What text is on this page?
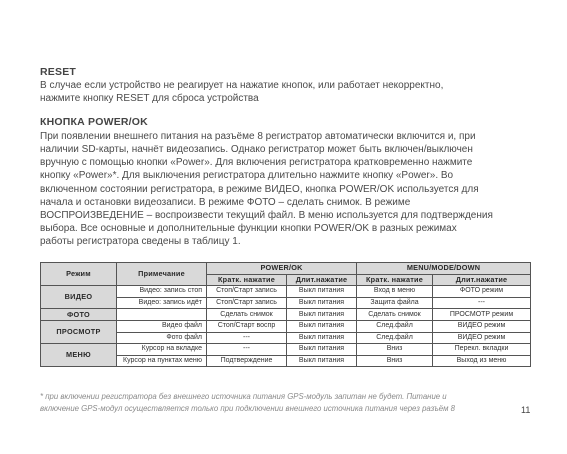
RESET

В случае если устройство не реагирует на нажатие кнопок, или работает некорректно,
нажмите кнопку RESET для сброса устройства

КНОПКА POWER/OK

При появлении внешнего питания на разъёме 8 регистратор автоматически включится и, при
наличии SD-карты, начнёт видеозапись. Однако регистратор может быть включен/выключен
вручную с помощью кнопки «Power». Для включения регистратора кратковременно нажмите
кнопку «Power»*. Для выключения регистратора длительно нажмите кнопку «Power». Во
включенном состоянии регистратора, в режиме ВИДЕО, кнопка POWER/OK используется для
начала и остановки видеозаписи. В режиме ФОТО – сделать снимок. В режиме
ВОСПРОИЗВЕДЕНИЕ – воспроизвести текущий файл. В меню используется для подтверждения
выбора. Все основные и дополнительные функции кнопки POWER/OK в разных режимах
работы регистратора сведены в таблицу 1.

Режим	Примечание	POWER/OK		MENU/MODE/DOWN	
		Кратк. нажатие	Длит.нажатие	Кратк. нажатие	Длит.нажатие
ВИДЕО	Видео: запись стоп	Стоп/Старт запись	Выкл питания	Вход в меню	ФОТО режим
	Видео: запись идёт	Стоп/Старт запись	Выкл питания	Защита файла	---
ФОТО		Сделать снимок	Выкл питания	Сделать снимок	ПРОСМОТР режим
ПРОСМОТР	Видео файл	Стоп/Старт воспр	Выкл питания	След.файл	ВИДЕО режим
	Фото файл	---	Выкл питания	След.файл	ВИДЕО режим
МЕНЮ	Курсор на вкладке	---	Выкл питания	Вниз	Перекл. вкладки
	Курсор на пунктах меню	Подтверждение	Выкл питания	Вниз	Выход из меню
* при включении регистратора без внешнего источника питания GPS-модуль запитан не будет. Питание и
включение GPS-модул осуществляется только при подключении внешнего источника питания через разъём 8	11
